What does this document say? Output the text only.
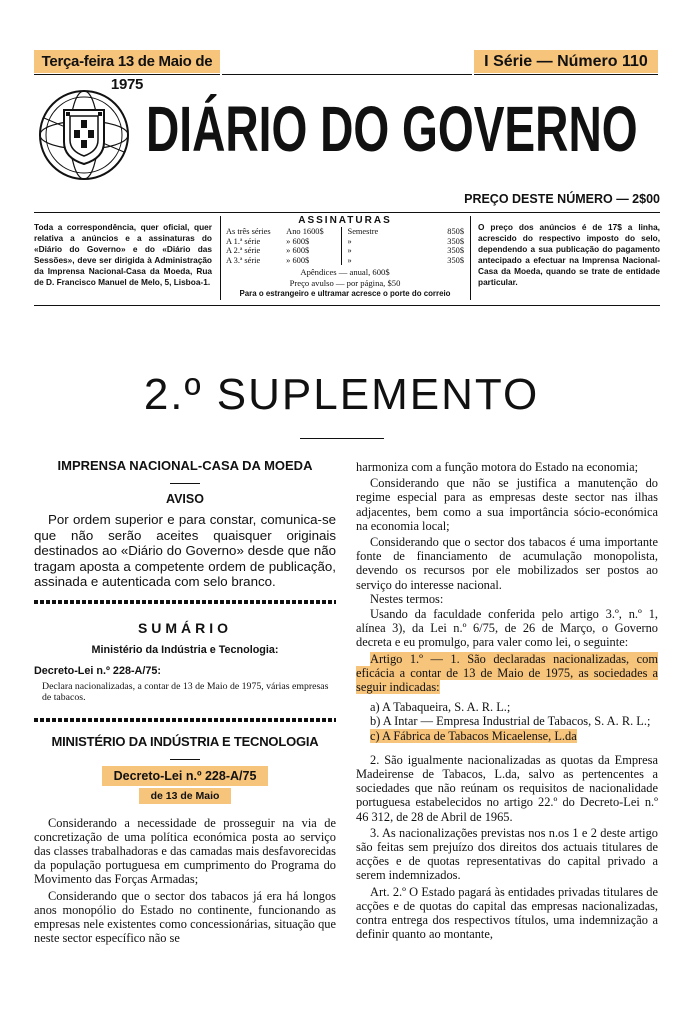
Terça-feira 13 de Maio de 1975
I Série — Número 110
DIÁRIO DO GOVERNO
PREÇO DESTE NÚMERO — 2$00
Toda a correspondência, quer oficial, quer relativa a anúncios e a assinaturas do «Diário do Governo» e do «Diário das Sessões», deve ser dirigida à Administração da Imprensa Nacional-Casa da Moeda, Rua de D. Francisco Manuel de Melo, 5, Lisboa-1.
ASSINATURAS
As três séries	Ano 1600$	Semestre	850$
A 1.ª série	» 600$	»	350$
A 2.ª série	» 600$	»	350$
A 3.ª série	» 600$	»	350$
Apêndices — anual, 600$
Preço avulso — por página, $50
Para o estrangeiro e ultramar acresce o porte do correio
O preço dos anúncios é de 17$ a linha, acrescido do respectivo imposto do selo, dependendo a sua publicação do pagamento antecipado a efectuar na Imprensa Nacional-Casa da Moeda, quando se trate de entidade particular.
2.º SUPLEMENTO
IMPRENSA NACIONAL-CASA DA MOEDA
AVISO

Por ordem superior e para constar, comunica-se que não serão aceites quaisquer originais destinados ao «Diário do Governo» desde que não tragam aposta a competente ordem de publicação, assinada e autenticada com selo branco.

SUMÁRIO
Ministério da Indústria e Tecnologia:
Decreto-Lei n.º 228-A/75:
Declara nacionalizadas, a contar de 13 de Maio de 1975, várias empresas de tabacos.
MINISTÉRIO DA INDÚSTRIA E TECNOLOGIA
Decreto-Lei n.º 228-A/75
de 13 de Maio

Considerando a necessidade de prosseguir na via de concretização de uma política económica posta ao serviço das classes trabalhadoras e das camadas mais desfavorecidas da população portuguesa em cumprimento do Programa do Movimento das Forças Armadas;

Considerando que o sector dos tabacos já era há longos anos monopólio do Estado no continente, funcionando as empresas nele existentes como concessionárias, situação que neste sector específico não se

harmoniza com a função motora do Estado na economia;

Considerando que não se justifica a manutenção do regime especial para as empresas deste sector nas ilhas adjacentes, bem como a sua importância sócio-económica na economia local;

Considerando que o sector dos tabacos é uma importante fonte de financiamento de acumulação monopolista, devendo os recursos por ele mobilizados ser postos ao serviço do interesse nacional.

Nestes termos:

Usando da faculdade conferida pelo artigo 3.º, n.º 1, alínea 3), da Lei n.º 6/75, de 26 de Março, o Governo decreta e eu promulgo, para valer como lei, o seguinte:

Artigo 1.º — 1. São declaradas nacionalizadas, com eficácia a contar de 13 de Maio de 1975, as sociedades a seguir indicadas:

a) A Tabaqueira, S. A. R. L.;

b) A Intar — Empresa Industrial de Tabacos, S. A. R. L.;

c) A Fábrica de Tabacos Micaelense, L.da

2. São igualmente nacionalizadas as quotas da Empresa Madeirense de Tabacos, L.da, salvo as pertencentes a sociedades que não reúnam os requisitos de nacionalidade portuguesa estabelecidos no artigo 22.º do Decreto-Lei n.º 46 312, de 28 de Abril de 1965.

3. As nacionalizações previstas nos n.os 1 e 2 deste artigo são feitas sem prejuízo dos direitos dos actuais titulares de acções e de quotas representativas do capital privado a serem indemnizados.

Art. 2.º O Estado pagará às entidades privadas titulares de acções e de quotas do capital das empresas nacionalizadas, contra entrega dos respectivos títulos, uma indemnização a definir quanto ao montante,
